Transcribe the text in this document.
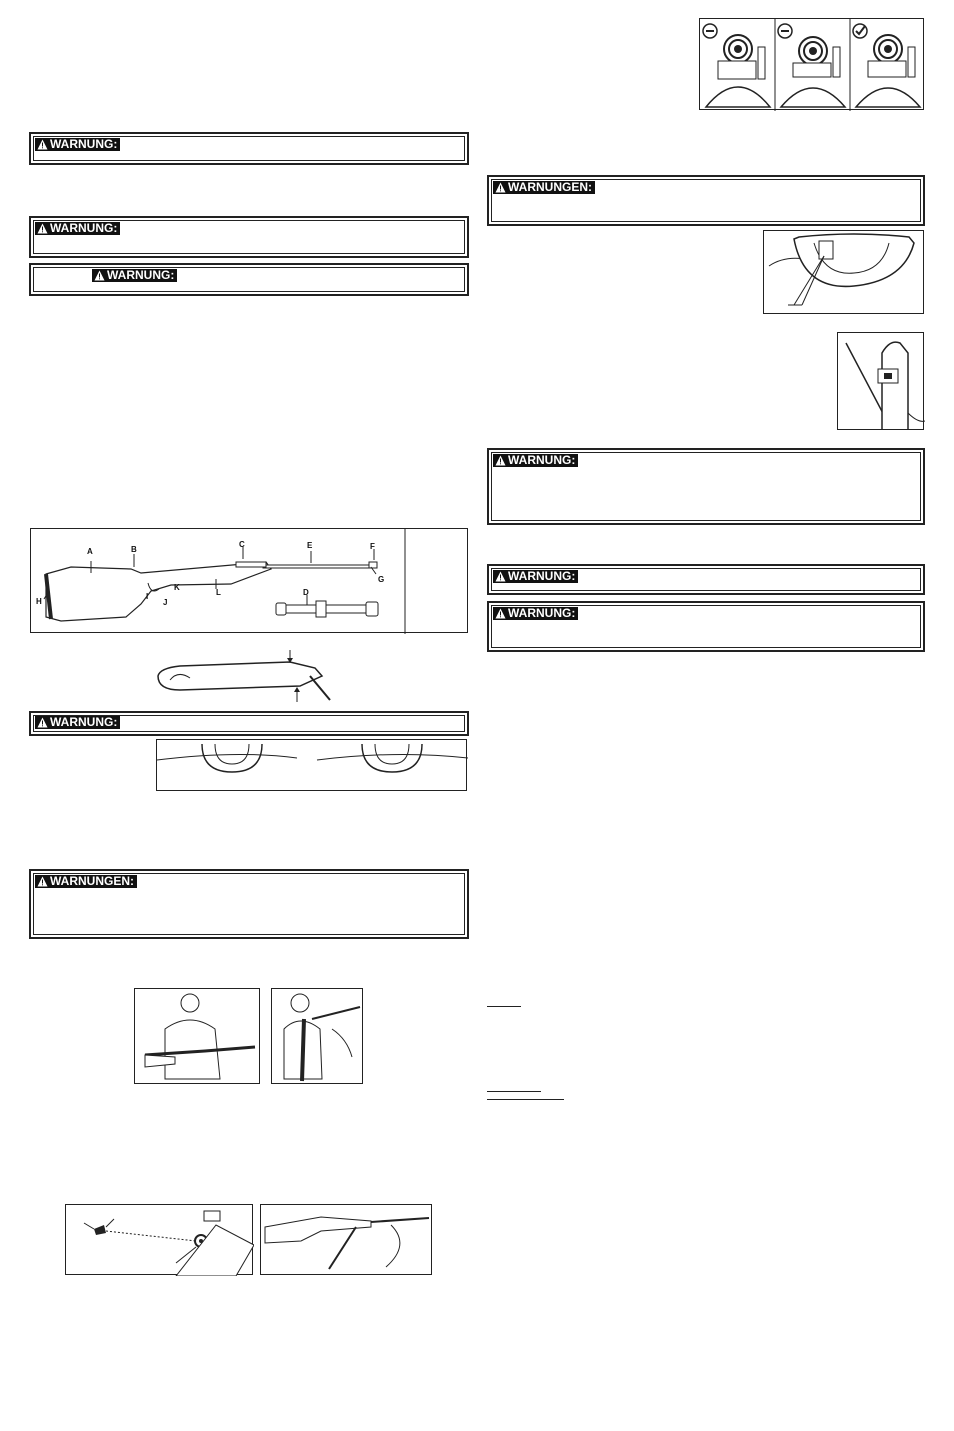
WARNUNG:
WARNUNG:
WARNUNG:
A	B
C	E	F
G
H
I
J
K
L	D
WARNUNG:
WARNUNGEN:
WARNUNGEN:
WARNUNG:
WARNUNG:
WARNUNG:
